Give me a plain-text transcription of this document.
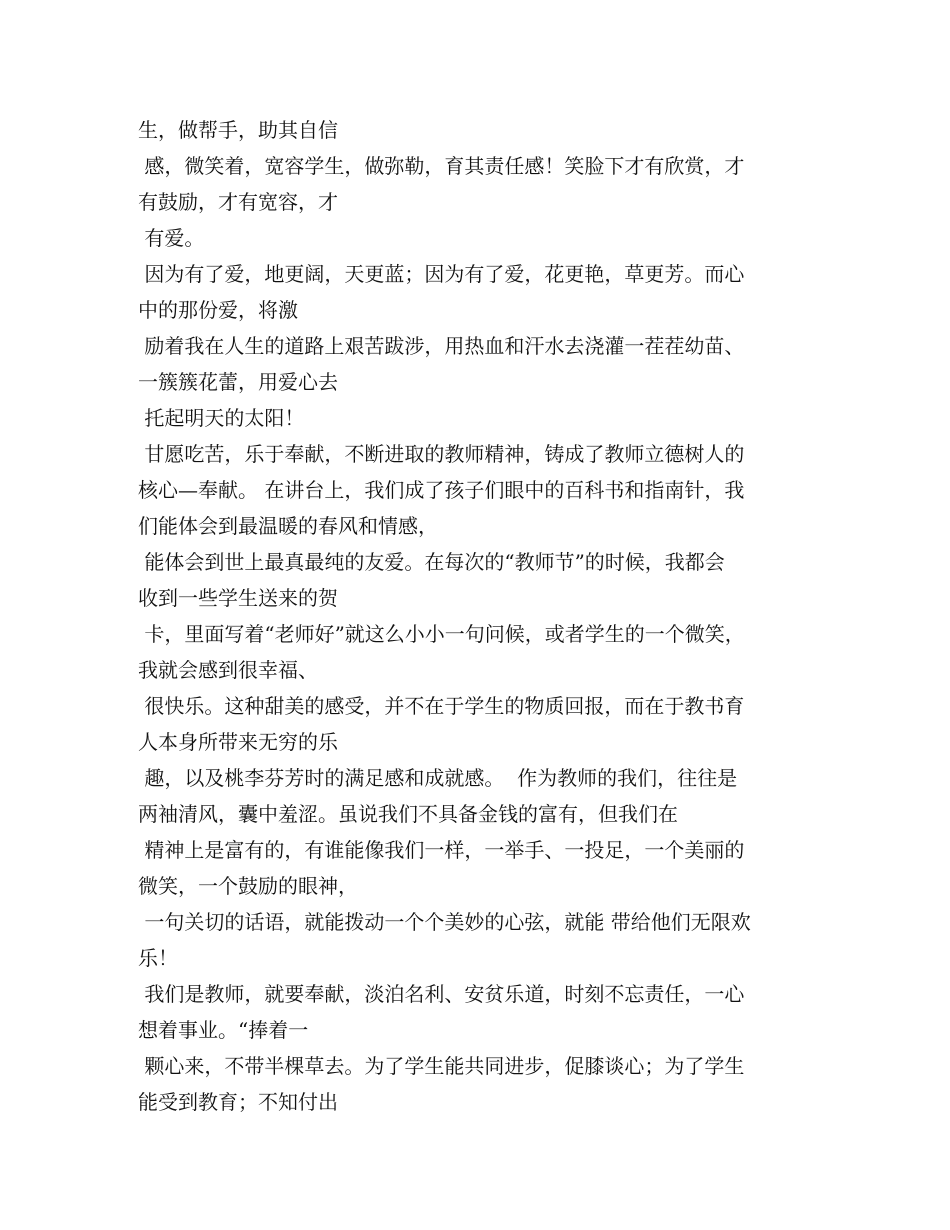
生，做帮手，助其自信
感，微笑着，宽容学生，做弥勒，育其责任感！笑脸下才有欣赏，才
有鼓励，才有宽容，才
有爱。
因为有了爱，地更阔，天更蓝；因为有了爱，花更艳，草更芳。而心
中的那份爱，将激
励着我在人生的道路上艰苦跋涉，用热血和汗水去浇灌一茬茬幼苗、
一簇簇花蕾，用爱心去
托起明天的太阳！
甘愿吃苦，乐于奉献，不断进取的教师精神，铸成了教师立德树人的
核心—奉献。 在讲台上，我们成了孩子们眼中的百科书和指南针，我
们能体会到最温暖的春风和情感，
能体会到世上最真最纯的友爱。在每次的“教师节”的时候，我都会
收到一些学生送来的贺
卡，里面写着“老师好”就这么小小一句问候，或者学生的一个微笑，
我就会感到很幸福、
很快乐。这种甜美的感受，并不在于学生的物质回报，而在于教书育
人本身所带来无穷的乐
趣，以及桃李芬芳时的满足感和成就感。  作为教师的我们，往往是
两袖清风，囊中羞涩。虽说我们不具备金钱的富有，但我们在
精神上是富有的，有谁能像我们一样，一举手、一投足，一个美丽的
微笑，一个鼓励的眼神，
一句关切的话语，就能拨动一个个美妙的心弦，就能 带给他们无限欢
乐！
我们是教师，就要奉献，淡泊名利、安贫乐道，时刻不忘责任，一心
想着事业。“捧着一
颗心来，不带半棵草去。为了学生能共同进步，促膝谈心；为了学生
能受到教育；不知付出
